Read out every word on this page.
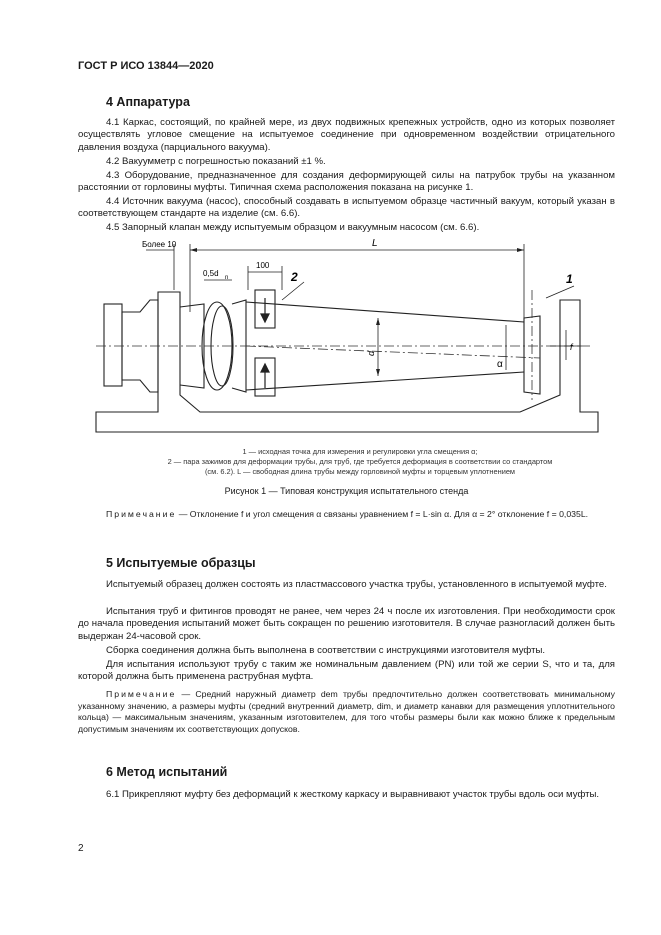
ГОСТ Р ИСО 13844—2020
4 Аппаратура
4.1 Каркас, состоящий, по крайней мере, из двух подвижных крепежных устройств, одно из которых позволяет осуществлять угловое смещение на испытуемое соединение при одновременном воздействии отрицательного давления воздуха (парциального вакуума).
4.2 Вакуумметр с погрешностью показаний ±1 %.
4.3 Оборудование, предназначенное для создания деформирующей силы на патрубок трубы на указанном расстоянии от горловины муфты. Типичная схема расположения показана на рисунке 1.
4.4 Источник вакуума (насос), способный создавать в испытуемом образце частичный вакуум, который указан в соответствующем стандарте на изделие (см. 6.6).
4.5 Запорный клапан между испытуемым образцом и вакуумным насосом (см. 6.6).
Более 10	L
0,5d n
100
2	1
d
α
f
1 — исходная точка для измерения и регулировки угла смещения α;
2 — пара зажимов для деформации трубы, для труб, где требуется деформация в соответствии со стандартом
(см. 6.2). L — свободная длина трубы между горловиной муфты и торцевым уплотнением
Рисунок 1 — Типовая конструкция испытательного стенда
Примечание — Отклонение f и угол смещения α связаны уравнением f = L·sin α. Для α = 2° отклонение f = 0,035L.
5 Испытуемые образцы
Испытуемый образец должен состоять из пластмассового участка трубы, установленного в испытуемой муфте.
Испытания труб и фитингов проводят не ранее, чем через 24 ч после их изготовления. При необходимости срок до начала проведения испытаний может быть сокращен по решению изготовителя. В случае разногласий должен быть выдержан 24-часовой срок.
Сборка соединения должна быть выполнена в соответствии с инструкциями изготовителя муфты.
Для испытания используют трубу с таким же номинальным давлением (PN) или той же серии S, что и та, для которой должна быть применена раструбная муфта.
Примечание — Средний наружный диаметр dem трубы предпочтительно должен соответствовать минимальному указанному значению, а размеры муфты (средний внутренний диаметр, dim, и диаметр канавки для размещения уплотнительного кольца) — максимальным значениям, указанным изготовителем, для того чтобы размеры были как можно ближе к предельным допустимым значениям их соответствующих допусков.
6 Метод испытаний
6.1 Прикрепляют муфту без деформаций к жесткому каркасу и выравнивают участок трубы вдоль оси муфты.
2
